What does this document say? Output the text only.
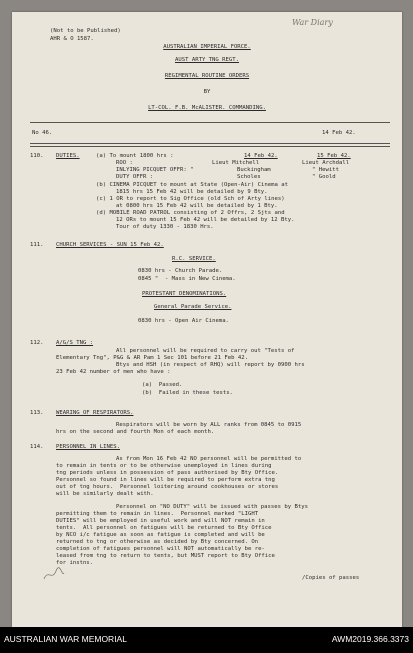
(Not to be Published)
AHR & O 1587.
War Diary
AUSTRALIAN IMPERIAL FORCE.
AUST ARTY TNG REGT.
REGIMENTAL ROUTINE ORDERS
BY
LT-COL. F.B. McALISTER. COMMANDING.
No 46.	14 Feb 42.
110. DUTIES.	(a) To mount 1800 hrs :	14 Feb 42.	15 Feb 42.
ROO :	Lieut Mitchell	Lieut Archdall
INLYING PICQUET OFFR: "	Buckingham	" Hewitt
DUTY OFFR :	Scholes	" Goold
(b) CINEMA PICQUET to mount at State (Open-Air) Cinema at
1815 hrs 15 Feb 42 will be detailed by 9 Bty.
(c) 1 OR to report to Sig Office (old Sch of Arty lines)
at 0800 hrs 15 Feb 42 will be detailed by 1 Bty.
(d) MOBILE ROAD PATROL consisting of 2 Offrs, 2 Sjts and
12 ORs to mount 15 Feb 42 will be detailed by 12 Bty.
Tour of duty 1330 - 1830 Hrs.
111. CHURCH SERVICES - SUN 15 Feb 42.
R.C. SERVICE.
0830 hrs - Church Parade.
0845 "  - Mass in New Cinema.
PROTESTANT DENOMINATIONS.
General Parade Service.
0830 hrs - Open Air Cinema.
112. A/G/S TNG :
All personnel will be required to carry out "Tests of
Elementary Tng", P&G & AR Pam 1 Sec 101 before 21 Feb 42.
Btys and HSH (in respect of RHQ) will report by 0900 hrs
23 Feb 42 number of men who have :
(a)  Passed.
(b)  Failed in these tests.
113. WEARING OF RESPIRATORS.
Respirators will be worn by ALL ranks from 0845 to 0915
hrs on the second and fourth Mon of each month.
114. PERSONNEL IN LINES.
As from Mon 16 Feb 42 NO personnel will be permitted to
to remain in tents or to be otherwise unemployed in lines during
tng periods unless in possession of pass authorised by Bty Office.
Personnel so found in lines will be required to perform extra tng
out of tng hours.  Personnel loitering around cookhouses or stores
will be similarly dealt with.
Personnel on "NO DUTY" will be issued with passes by Btys
permitting them to remain in lines.  Personnel marked "LIGHT
DUTIES" will be employed in useful work and will NOT remain in
tents.  All personnel on fatigues will be returned to Bty Office
by NCO i/c fatigue as soon as fatigue is completed and will be
returned to tng or otherwise as decided by Bty concerned. On
completion of fatigues personnel will NOT automatically be re-
leased from tng to return to tents, but MUST report to Bty Office
for instns.
/Copies of passes
AUSTRALIAN WAR MEMORIAL	AWM2019.366.3373
